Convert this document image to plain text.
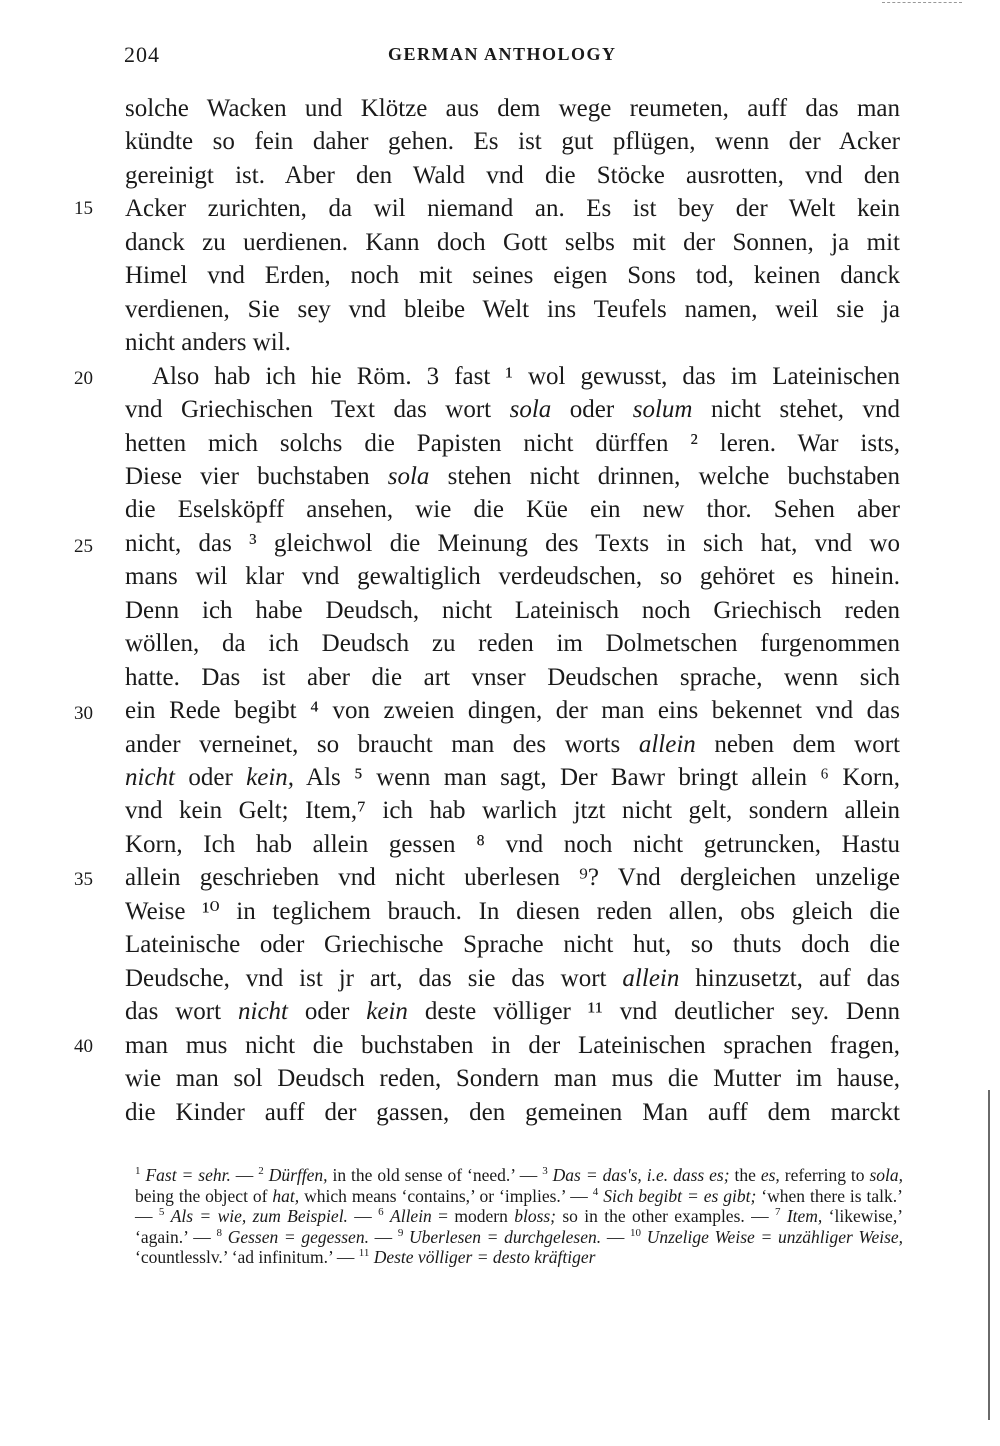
204	GERMAN ANTHOLOGY
solche Wacken und Klötze aus dem wege reumeten, auff das man
kündte so fein daher gehen. Es ist gut pflügen, wenn der Acker
gereinigt ist. Aber den Wald vnd die Stöcke ausrotten, vnd den
Acker zurichten, da wil niemand an. Es ist bey der Welt kein
danck zu uerdienen. Kann doch Gott selbs mit der Sonnen, ja mit
Himel vnd Erden, noch mit seines eigen Sons tod, keinen danck
verdienen, Sie sey vnd bleibe Welt ins Teufels namen, weil sie ja
nicht anders wil.
Also hab ich hie Röm. 3 fast ¹ wol gewusst, das im Lateinischen
vnd Griechischen Text das wort sola oder solum nicht stehet, vnd
hetten mich solchs die Papisten nicht dürffen ² leren. War ists,
Diese vier buchstaben sola stehen nicht drinnen, welche buchstaben
die Eselsköpff ansehen, wie die Küe ein new thor. Sehen aber
nicht, das ³ gleichwol die Meinung des Texts in sich hat, vnd wo
mans wil klar vnd gewaltiglich verdeudschen, so gehöret es hinein.
Denn ich habe Deudsch, nicht Lateinisch noch Griechisch reden
wöllen, da ich Deudsch zu reden im Dolmetschen furgenommen
hatte. Das ist aber die art vnser Deudschen sprache, wenn sich
ein Rede begibt ⁴ von zweien dingen, der man eins bekennet vnd das
ander verneinet, so braucht man des worts allein neben dem wort
nicht oder kein, Als ⁵ wenn man sagt, Der Bawr bringt allein ⁶ Korn,
vnd kein Gelt; Item,⁷ ich hab warlich jtzt nicht gelt, sondern allein
Korn, Ich hab allein gessen ⁸ vnd noch nicht getruncken, Hastu
allein geschrieben vnd nicht uberlesen ⁹? Vnd dergleichen unzelige
Weise ¹⁰ in teglichem brauch. In diesen reden allen, obs gleich die
Lateinische oder Griechische Sprache nicht hut, so thuts doch die
Deudsche, vnd ist jr art, das sie das wort allein hinzusetzt, auf das
das wort nicht oder kein deste völliger ¹¹ vnd deutlicher sey. Denn
man mus nicht die buchstaben in der Lateinischen sprachen fragen,
wie man sol Deudsch reden, Sondern man mus die Mutter im hause,
die Kinder auff der gassen, den gemeinen Man auff dem marckt
15
20
25
30
35
40
$^1$ Fast = sehr. — $^2$ Dürffen, in the old sense of ‘need.’ — $^3$ Das = das's, i.e. dass es; the es, referring to sola, being the object of hat, which means ‘contains,’ or ‘implies.’ — $^4$ Sich begibt = es gibt; ‘when there is talk.’ — $^5$ Als = wie, zum Beispiel. — $^6$ Allein = modern bloss; so in the other examples. — $^7$ Item, ‘likewise,’ ‘again.’ — $^8$ Gessen = gegessen. — $^9$ Uberlesen = durchgelesen. — $^{10}$ Unzelige Weise = unzähliger Weise, ‘countlesslv.’ ‘ad infinitum.’ — $^{11}$ Deste völliger = desto kräftiger
